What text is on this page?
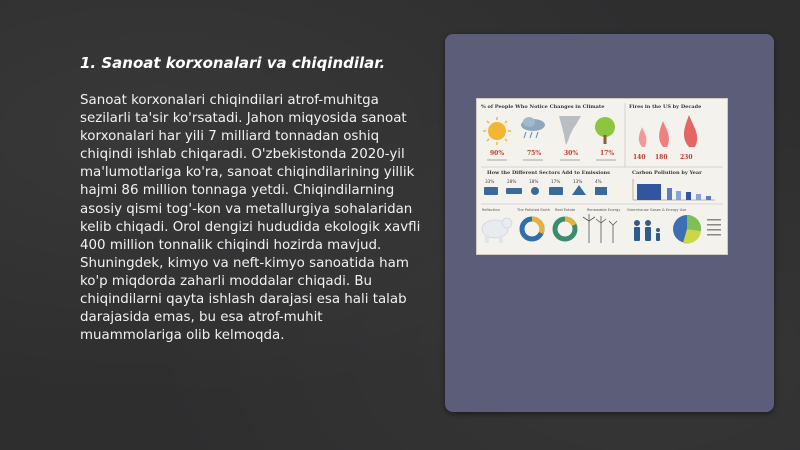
1. Sanoat korxonalari va chiqindilar.
Sanoat korxonalari chiqindilari atrof-muhitga sezilarli ta'sir ko'rsatadi. Jahon miqyosida sanoat korxonalari har yili 7 milliard tonnadan oshiq chiqindi ishlab chiqaradi. O'zbekistonda 2020-yil ma'lumotlariga ko'ra, sanoat chiqindilarining yillik hajmi 86 million tonnaga yetdi. Chiqindilarning asosiy qismi tog'-kon va metallurgiya sohalaridan kelib chiqadi. Orol dengizi hududida ekologik xavfli 400 million tonnalik chiqindi hozirda mavjud. Shuningdek, kimyo va neft-kimyo sanoatida ham ko'p miqdorda zaharli moddalar chiqadi. Bu chiqindilarni qayta ishlash darajasi esa hali talab darajasida emas, bu esa atrof-muhit muammolariga olib kelmoqda.
% of People Who Notice Changes in Climate	Fires in the US by Decade
90%	75%	30%	17%
140 180 230
How the Different Sectors Add to Emissions	Carbon Pollution by Year
33%	28%	18%	17%	13%	4%
Reflection	The Polluted Earth Real Estate	Renewable Energy Greenhouse Gases & Energy Use
